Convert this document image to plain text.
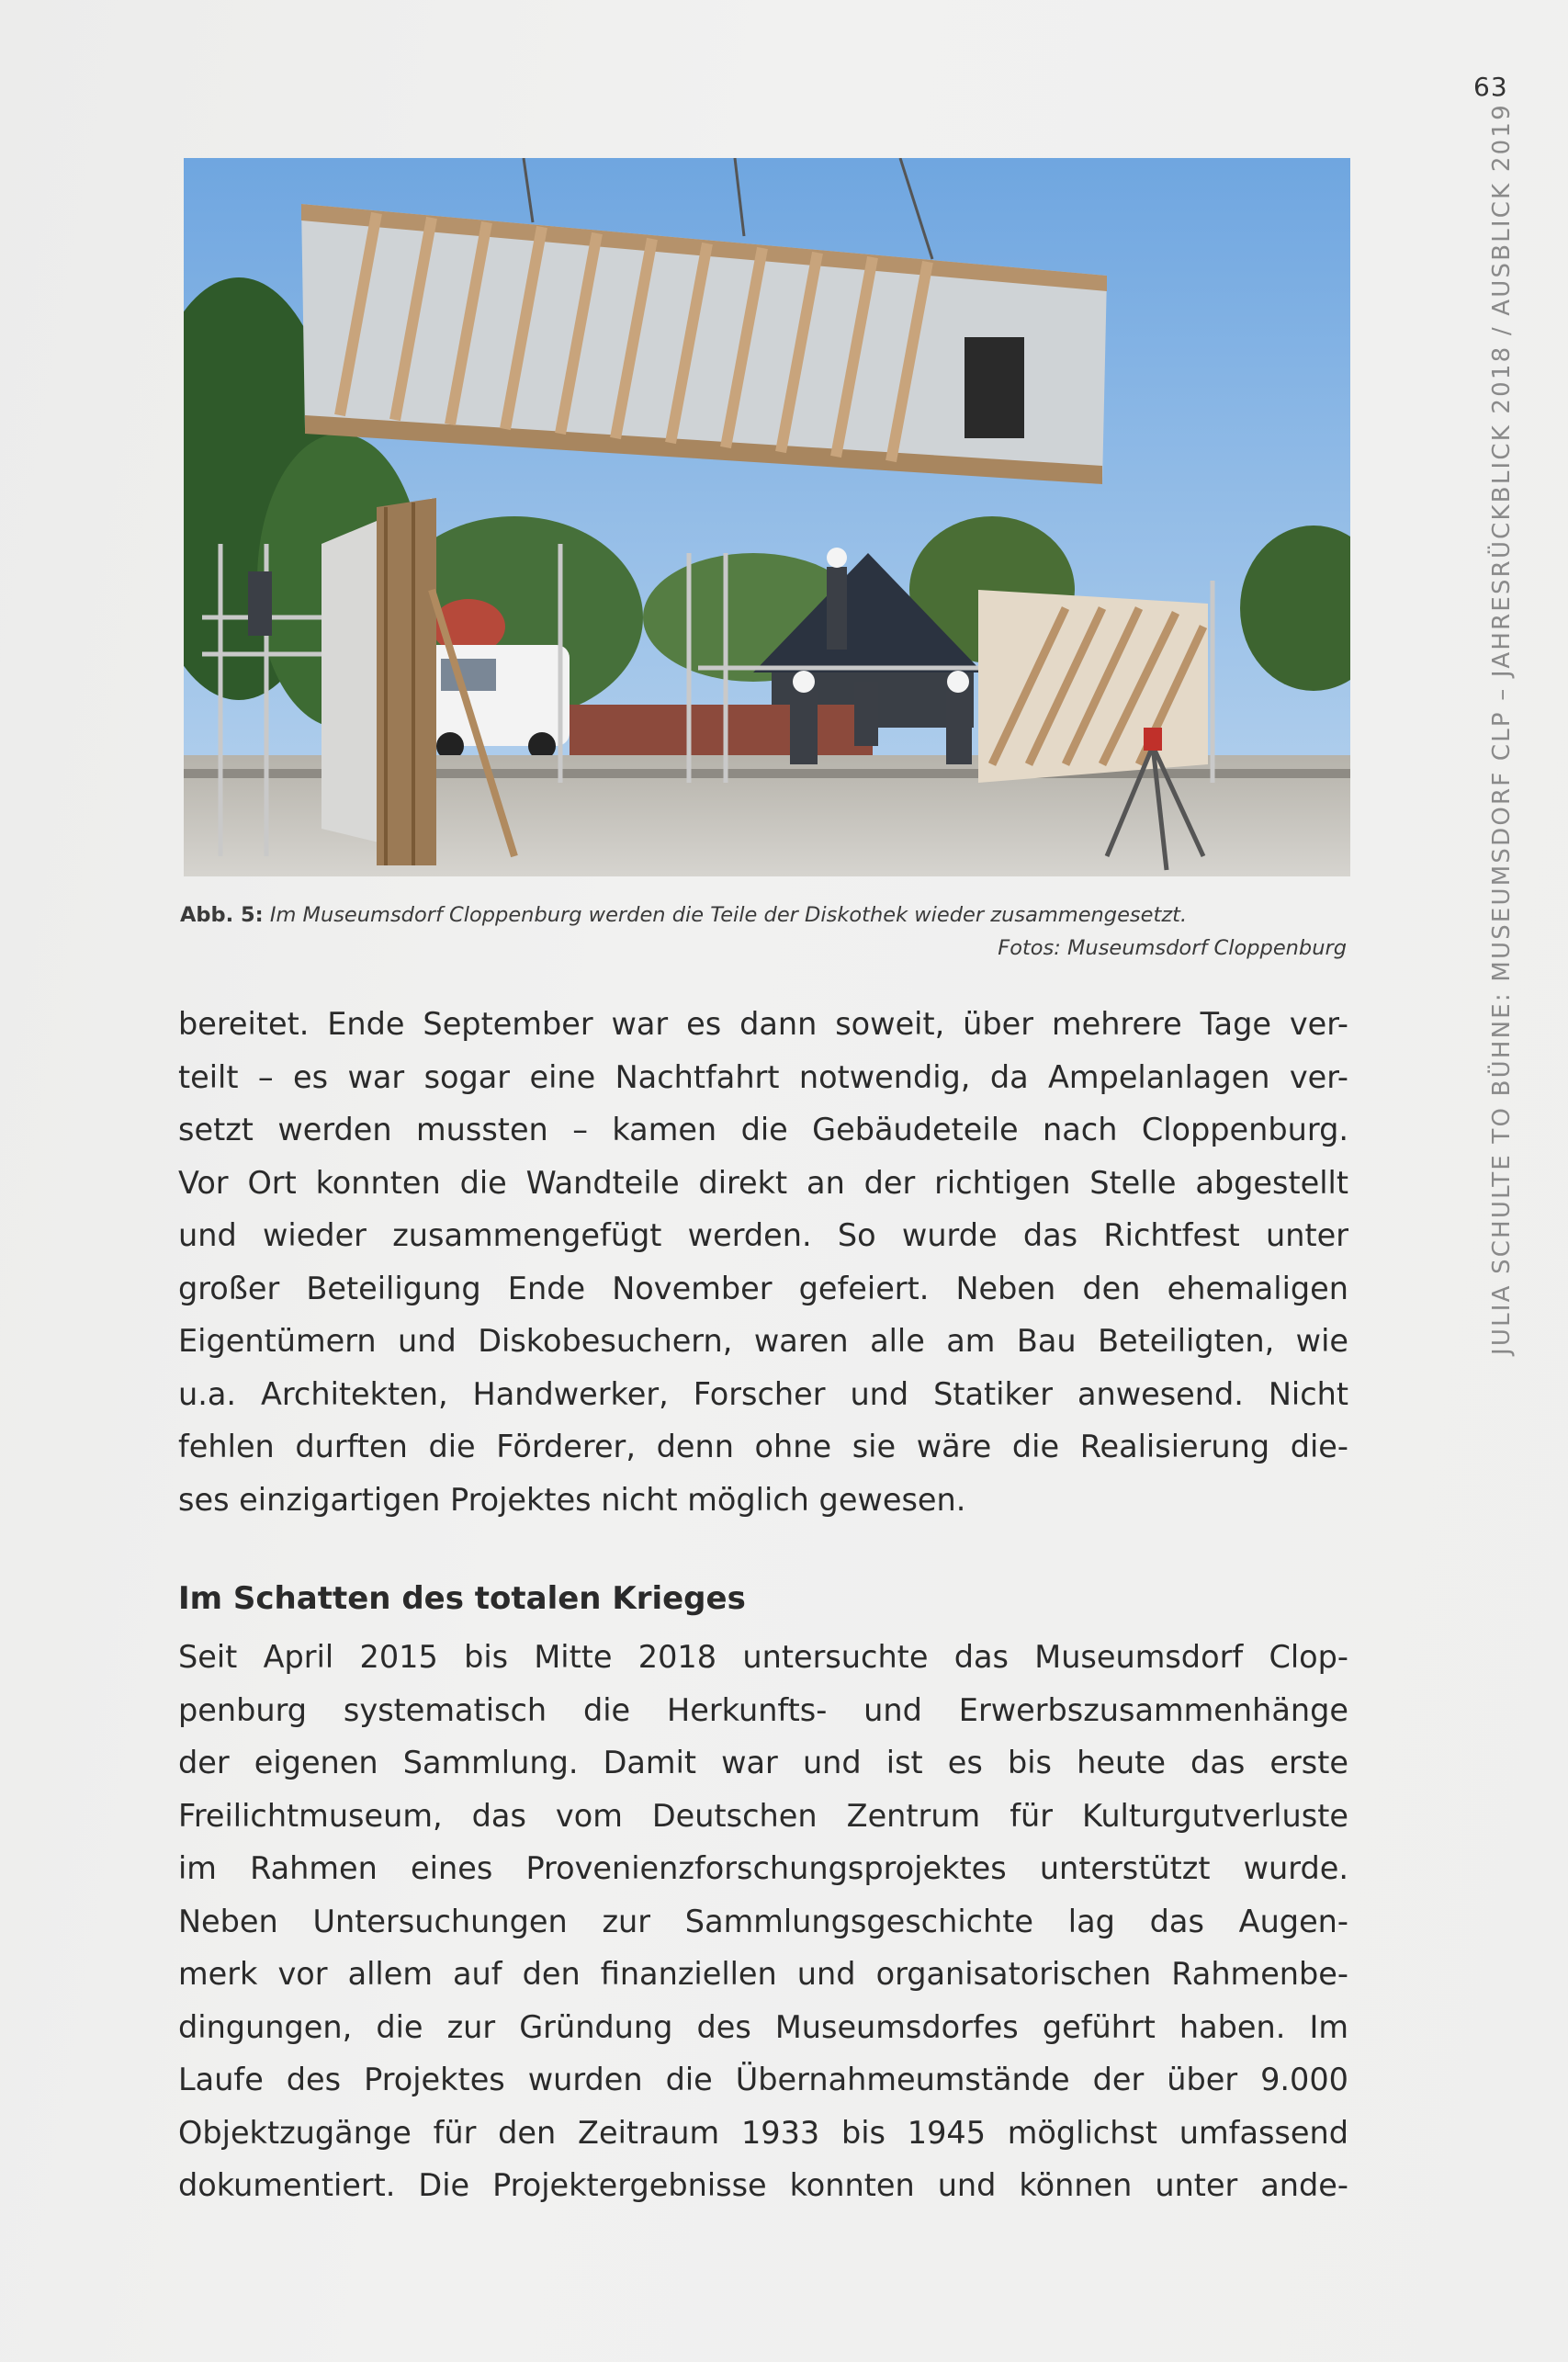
63
JULIA SCHULTE TO BÜHNE: MUSEUMSDORF CLP – JAHRESRÜCKBLICK 2018 / AUSBLICK 2019
Abb. 5: Im Museumsdorf Cloppenburg werden die Teile der Diskothek wieder zusammengesetzt.
Fotos: Museumsdorf Cloppenburg
bereitet. Ende September war es dann soweit, über mehrere Tage ver-
teilt – es war sogar eine Nachtfahrt notwendig, da Ampelanlagen ver-
setzt werden mussten – kamen die Gebäudeteile nach Cloppenburg.
Vor Ort konnten die Wandteile direkt an der richtigen Stelle abgestellt
und wieder zusammengefügt werden. So wurde das Richtfest unter
großer Beteiligung Ende November gefeiert. Neben den ehemaligen
Eigentümern und Diskobesuchern, waren alle am Bau Beteiligten, wie
u.a. Architekten, Handwerker, Forscher und Statiker anwesend. Nicht
fehlen durften die Förderer, denn ohne sie wäre die Realisierung die-
ses einzigartigen Projektes nicht möglich gewesen.
Im Schatten des totalen Krieges
Seit April 2015 bis Mitte 2018 untersuchte das Museumsdorf Clop-
penburg systematisch die Herkunfts- und Erwerbszusammenhänge
der eigenen Sammlung. Damit war und ist es bis heute das erste
Freilichtmuseum, das vom Deutschen Zentrum für Kulturgutverluste
im Rahmen eines Provenienzforschungsprojektes unterstützt wurde.
Neben Untersuchungen zur Sammlungsgeschichte lag das Augen-
merk vor allem auf den finanziellen und organisatorischen Rahmenbe-
dingungen, die zur Gründung des Museumsdorfes geführt haben. Im
Laufe des Projektes wurden die Übernahmeumstände der über 9.000
Objektzugänge für den Zeitraum 1933 bis 1945 möglichst umfassend
dokumentiert. Die Projektergebnisse konnten und können unter ande-
